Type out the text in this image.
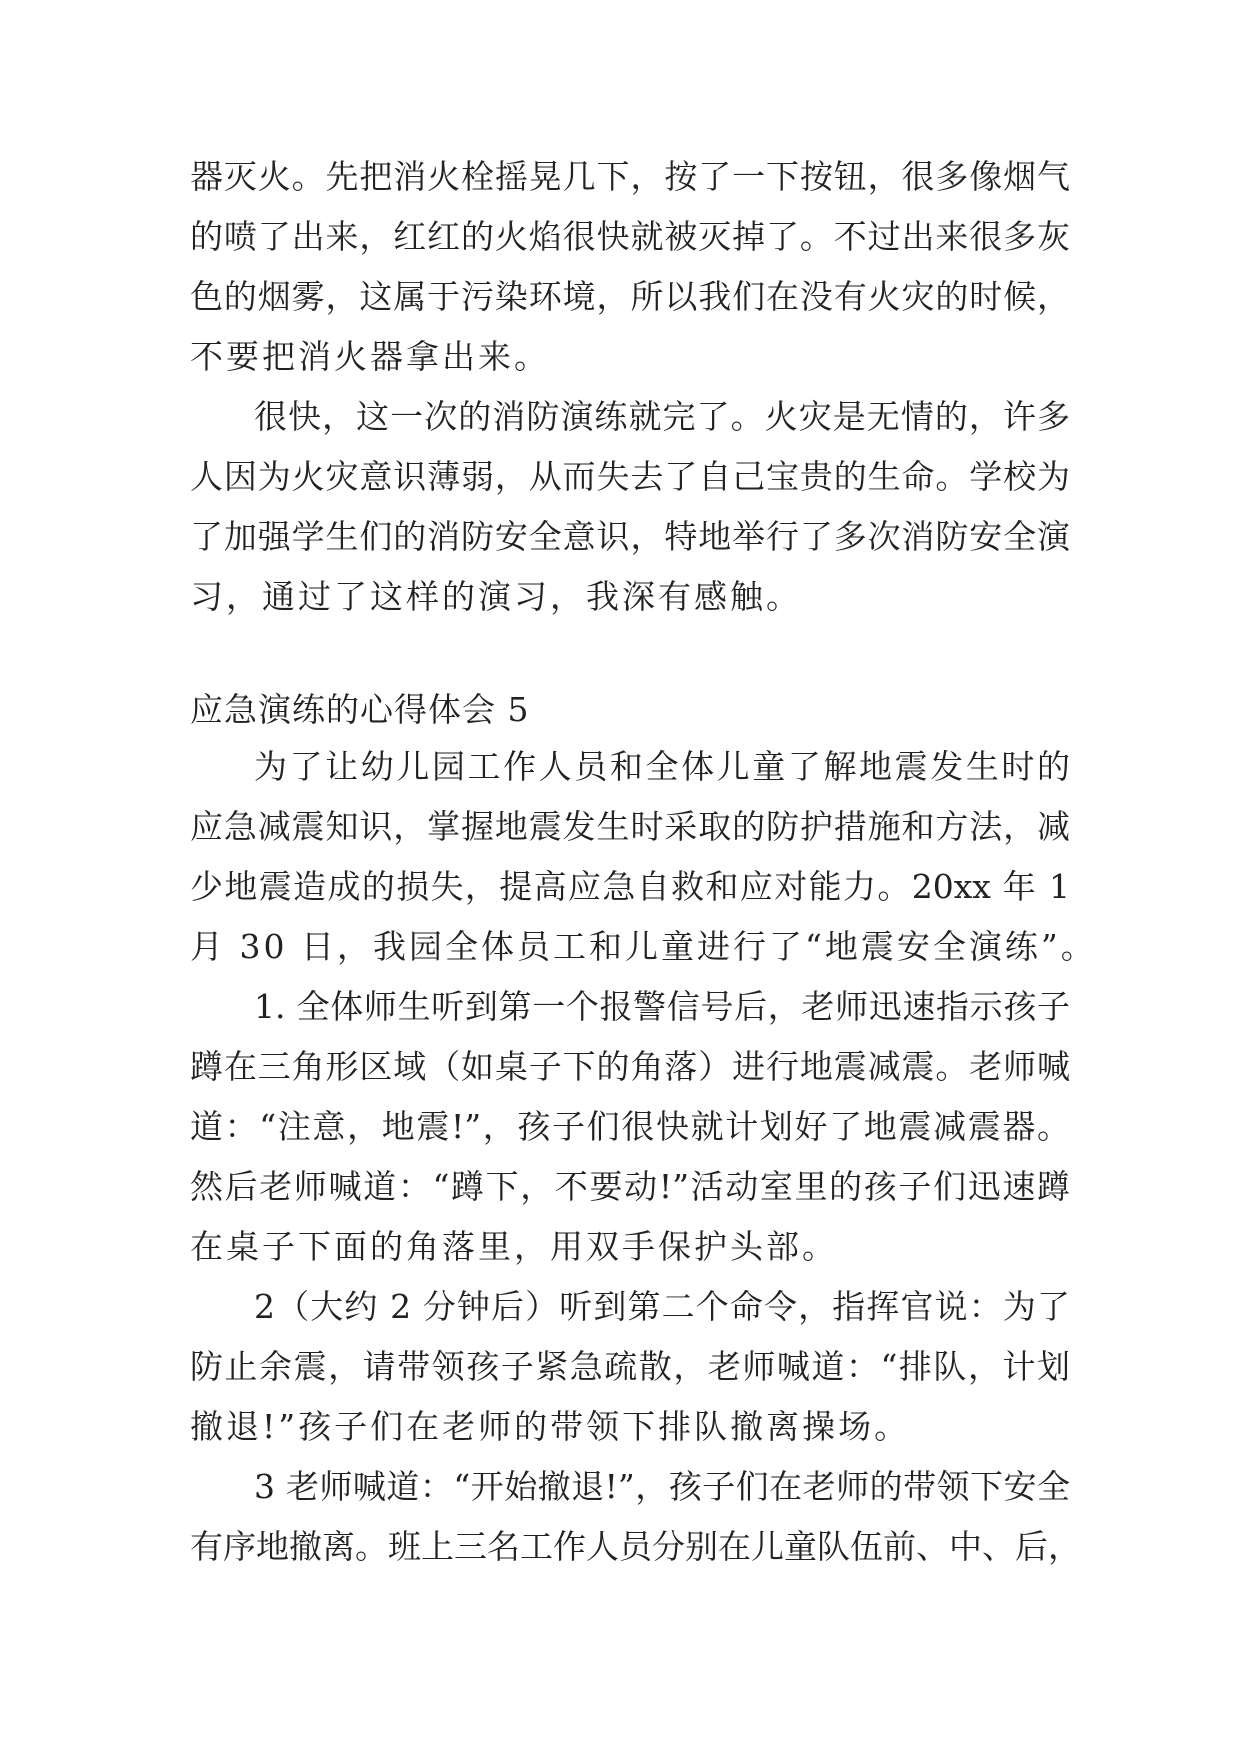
器灭火。先把消火栓摇晃几下，按了一下按钮，很多像烟气
的喷了出来，红红的火焰很快就被灭掉了。不过出来很多灰
色的烟雾，这属于污染环境，所以我们在没有火灾的时候，
不要把消火器拿出来。
很快，这一次的消防演练就完了。火灾是无情的，许多
人因为火灾意识薄弱，从而失去了自己宝贵的生命。学校为
了加强学生们的消防安全意识，特地举行了多次消防安全演
习，通过了这样的演习，我深有感触。
应急演练的心得体会 5
为了让幼儿园工作人员和全体儿童了解地震发生时的
应急减震知识，掌握地震发生时采取的防护措施和方法，减
少地震造成的损失，提高应急自救和应对能力。20xx 年 1
月 30 日，我园全体员工和儿童进行了“地震安全演练”。
1. 全体师生听到第一个报警信号后，老师迅速指示孩子
蹲在三角形区域（如桌子下的角落）进行地震减震。老师喊
道：“注意，地震!”，孩子们很快就计划好了地震减震器。
然后老师喊道：“蹲下，不要动!”活动室里的孩子们迅速蹲
在桌子下面的角落里，用双手保护头部。
2（大约 2 分钟后）听到第二个命令，指挥官说：为了
防止余震，请带领孩子紧急疏散，老师喊道：“排队，计划
撤退!”孩子们在老师的带领下排队撤离操场。
3 老师喊道：“开始撤退!”，孩子们在老师的带领下安全
有序地撤离。班上三名工作人员分别在儿童队伍前、中、后，
